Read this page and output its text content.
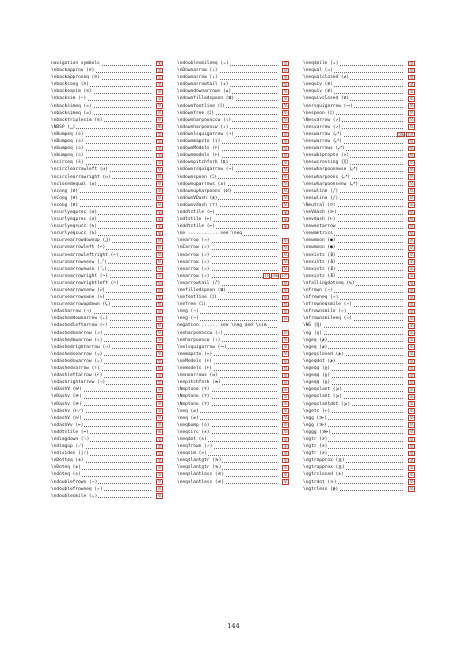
navigation symbols	90
\nbackapprox (≌)	33
\nbackapproxeq (≌)	35
\nbackcong (≌)	35
\nbackeqsim (≌)	35
\nbacksim (∽)	35
\nbacksimeq (⋍)	35
\nbacksimeq (⋍)	35
\nbacktriplesim (≋)	35
\NBSP (␣)	86
\nBumpeq (≎)	35
\nBumpeq (≎)	35
\nbumpeq (≏)	35
\nbumpeq (≏)	35
\ncirceq (≗)	35
\ncirclearrowleft (↺)	55
\ncirclearrowright (↻)	55
\nclosedequal (≠)	35
\ncong (≇)	35
\nCong (≇)	35
\ncong (≇)	35
\ncurlyeqprec (⋞)	36
\ncurlyeqprec (⋞)	36
\ncurlyeqsucc (⋟)	36
\ncurlyeqsucc (⋟)	36
\ncurvearrowdownup (⤸)	55
\ncurvearrowleft (↶)	55
\ncurvearrowleftright (↶)	55
\ncurvearrownesw (⤴)	55
\ncurvearrownwse (⤵)	55
\ncurvearrowright (↷)	55
\ncurvearrowrightleft (↷)	55
\ncurvearrowsenw (⤶)	55
\ncurvearrowswne (⤷)	55
\ncurvearrowupdown (⤹)	55
\ndasharrow (⇢)	55
\ndasheddownarrow (⇣)	55
\ndashedleftarrow (⇠)	55
\ndashednearrow (↗)	55
\ndashednwarrow (↖)	55
\ndashedrightarrow (⇢)	55
\ndashedsearrow (↘)	55
\ndashedswarrow (↙)	55
\ndashedvarrow (⇡)	55
\ndashleftarrow (⇠)	55
\ndashrightarrow (⇢)	55
\nDashV (⊯)	35
\nDashv (⊭)	35
\nDashv (⊭)	35
\ndashv (⊬)	35
\ndashV (⊮)	35
\ndashVv (⫦)	35
\nddtstile (⫦)	36
\ndiagdown (⟍)	35
\ndiagup (⟋)	35
\ndivides (∤)	35
\nDotteq (≑)	35
\nDoteq (≑)	35
\ndoteq (≐)	35
\ndoublefrown (⌢)	35
\ndoublefrowneq (⌢)	35
\ndoublesmile (⌣)	35
\ndoublesmileeq (⌣)	35
\nDownarrow (⇓)	55
\ndownarrow (↓)	55
\ndownarrowtail (↡)	55
\ndowndownarrows (⇊)	55
\ndownfilledspoon (⩐)	55
\ndownfootline (⟟)	55
\ndownfree (⟟)	55
\ndownharpoonccw (⇂)	55
\ndownharpooncw (⇃)	55
\ndownlsquigarrow (⇝)	55
\ndownmapsto (↧)	55
\ndownModels (⊧)	55
\ndownmodels (⊧)	55
\ndownpitchfork (⫫)	55
\ndownrsquigarrow (⇝)	55
\ndownspoon (⟟)	55
\ndownuparrows (⇵)	55
\ndownupharpoons (⥯)	55
\ndownVDash (⫫)	55
\ndownvdash (⊤)	55
\nddtstile (⫦)	36
\ndtstile (⫦)	36
\nddtstile (⫦)	36
\ne ........... see \neq
\nearrow (↗)	55
\nEarrow (⇗)	55
\nearrow (↗)	55
\nearrow (↗)	55
\nearrow (↗)	55
\nearrow (↗)	11 106 107
\nearrowtail (⤤)	55
\nefilledspoon (⩐)	55
\nefootline (⟟)	55
\nefree (⟟)	55
\neg (¬)	55
\neg (¬)	55
negation ...... see \neg and \sim
\neharpoonccw (↾)	55
\neharpooncw (↿)	55
\nelsquigarrow (⤳)	55
\nemapsto (↦)	55
\neModels (⊧)	55
\nemodels (⊧)	55
\nenearrows (⇉)	55
\nepitchfork (⫙)	55
\Neptune (♆)	35
\Neptune (♆)	35
\Neptune (♆)	35
\neq (≠)	35
\neq (≠)	35
\neqbump (≎)	35
\neqcirc (≖)	35
\neqdot (≐)	35
\neqfrown (⌢)	35
\neqsim (≂)	35
\neqslantgtr (⪖)	35
\neqslantgtr (⪖)	35
\neqslantless (⪕)	35
\neqslantless (⪕)	35
\neqsmile (⌣)	35
\nequal (=)	35
\nequalclosed (≠)	35
\nequiv (≢)	35
\nequiv (≢)	35
\nequivclosed (≢)	35
\nersquigarrow (⤳)	55
\nespoon (⟟)	55
\Nesvarrow (↗)	55
\nesvarrow (↗)	55
\neswarrow (⤢)	106 107
\neswarrow (⤢)	55
\neswarrows (⤢)	55
\neswbipropto (∝)	55
\neswcrossing (╳)	55
\neswharpoonnwse (⤢)	55
\neswharpoons (⤢)	55
\neswharpoonsenw (⤢)	55
\neswline (╱)	55
\neswline (╱)	55
\Neutral (☺)	35
\neVdash (⊫)	55
\nevdash (⊢)	55
\newextarrow	55
\newmetrics	55
\newmoon (●)	35
\newmoon (●)	35
\nexists (∄)	35
\nexists (∄)	35
\nexists (∄)	35
\nexists (∄)	35
\nfallingdotseq (≒)	35
\nfrown (⌢)	35
\nfrowneq (⌢)	35
\nfrowneqsmile (⌢)	35
\nfrownsmile (⌢)	35
\nfrownsmileeq (⌢)	35
\NG (Ŋ)	35
\ng (ŋ)	35
\ngeq (≱)	35
\ngeq (≱)	35
\ngeqclosed (≱)	35
\ngeqdot (≱)	35
\ngeqq (≧)	35
\ngeqq (≧)	35
\ngeqq (≧)	35
\ngeqslant (⩾)	35
\ngeqslant (⩾)	35
\ngeqslantdot (⩾)	35
\ngets (←)	35
\ngg (≫)	35
\ngg (≫)	35
\nggg (⋙)	35
\ngtr (≯)	35
\ngtr (≯)	35
\ngtr (≯)	35
\ngtrapprox (⪆)	35
\ngtrapprox (⪆)	35
\ngtrclosed (≯)	35
\ngtrdot (⋗)	35
\ngtrless (≹)	35
144
